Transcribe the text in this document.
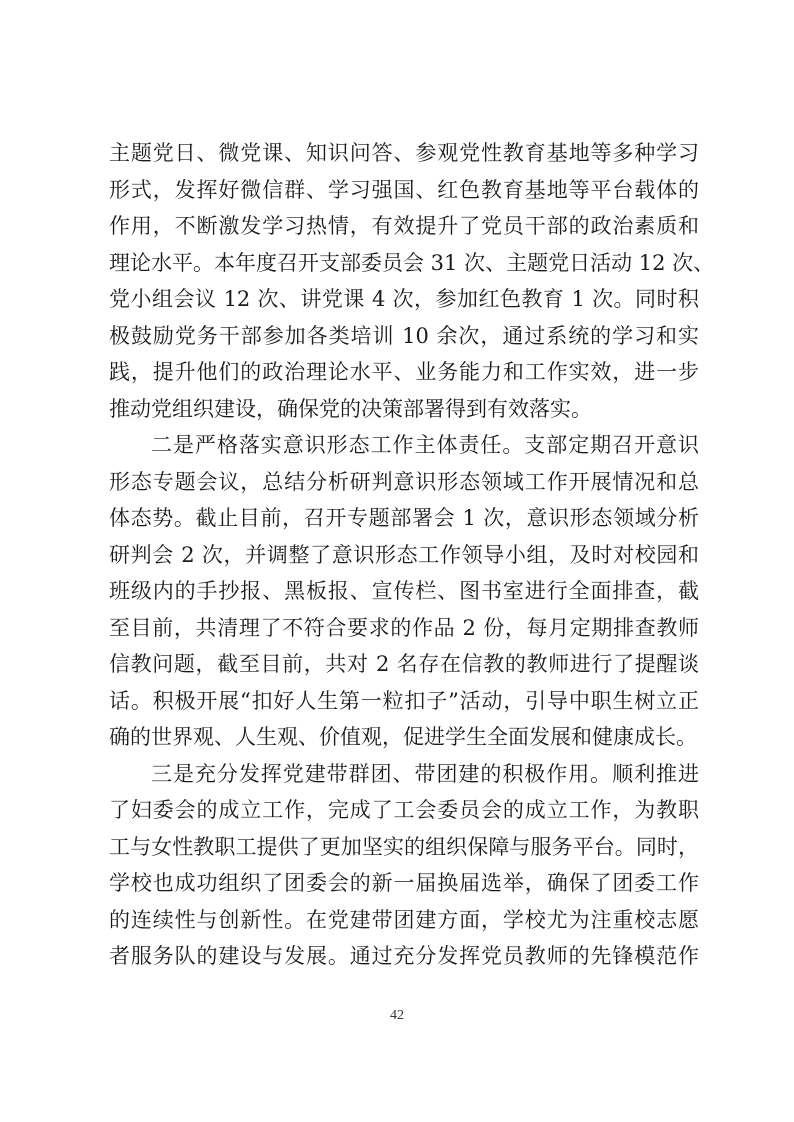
主题党日、微党课、知识问答、参观党性教育基地等多种学习
形式，发挥好微信群、学习强国、红色教育基地等平台载体的
作用，不断激发学习热情，有效提升了党员干部的政治素质和
理论水平。本年度召开支部委员会 31 次、主题党日活动 12 次、
党小组会议 12 次、讲党课 4 次，参加红色教育 1 次。同时积
极鼓励党务干部参加各类培训 10 余次，通过系统的学习和实
践，提升他们的政治理论水平、业务能力和工作实效，进一步
推动党组织建设，确保党的决策部署得到有效落实。
二是严格落实意识形态工作主体责任。支部定期召开意识
形态专题会议，总结分析研判意识形态领域工作开展情况和总
体态势。截止目前，召开专题部署会 1 次，意识形态领域分析
研判会 2 次，并调整了意识形态工作领导小组，及时对校园和
班级内的手抄报、黑板报、宣传栏、图书室进行全面排查，截
至目前，共清理了不符合要求的作品 2 份，每月定期排查教师
信教问题，截至目前，共对 2 名存在信教的教师进行了提醒谈
话。积极开展“扣好人生第一粒扣子”活动，引导中职生树立正
确的世界观、人生观、价值观，促进学生全面发展和健康成长。
三是充分发挥党建带群团、带团建的积极作用。顺利推进
了妇委会的成立工作，完成了工会委员会的成立工作，为教职
工与女性教职工提供了更加坚实的组织保障与服务平台。同时，
学校也成功组织了团委会的新一届换届选举，确保了团委工作
的连续性与创新性。在党建带团建方面，学校尤为注重校志愿
者服务队的建设与发展。通过充分发挥党员教师的先锋模范作
42
